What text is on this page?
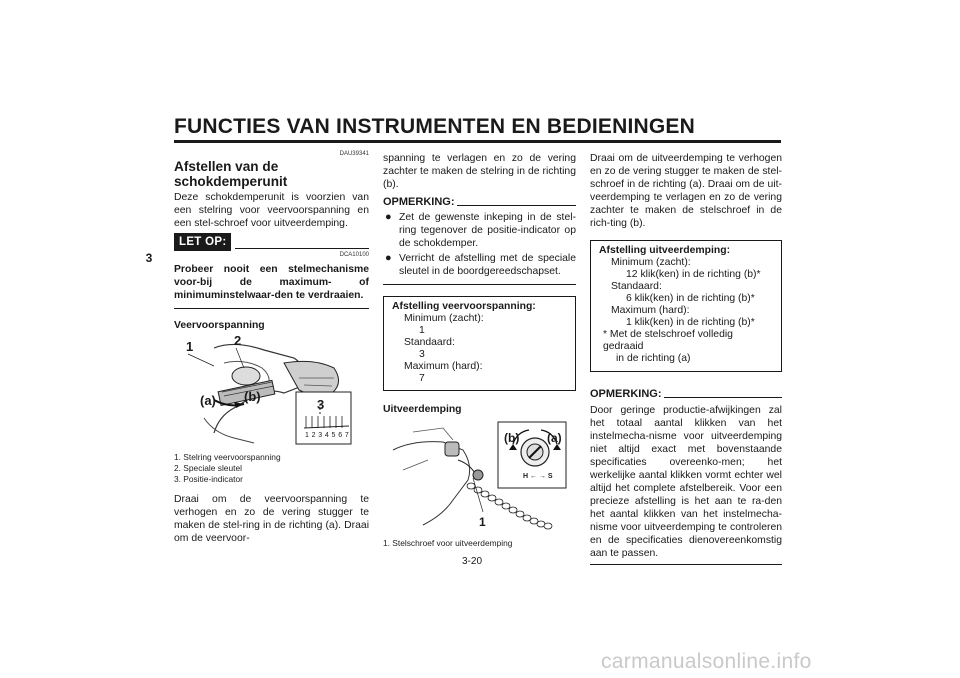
FUNCTIES VAN INSTRUMENTEN EN BEDIENINGEN
3
DAU39341
Afstellen van de schokdemperunit

Deze schokdemperunit is voorzien van een stelring voor veervoorspanning en een stel-schroef voor uitveerdemping.

LET OP:
DCA10100
Probeer nooit een stelmechanisme voor-bij de maximum- of minimuminstelwaar-den te verdraaien.
Veervoorspanning
1	2
3
(a) (b)
1 2 3 4 5 6 7
1. Stelring veervoorspanning
2. Speciale sleutel
3. Positie-indicator

Draai om de veervoorspanning te verhogen en zo de vering stugger te maken de stel-ring in de richting (a). Draai om de veervoor-

spanning te verlagen en zo de vering zachter te maken de stelring in de richting (b).

OPMERKING:
● Zet de gewenste inkeping in de stel-ring tegenover de positie-indicator op de schokdemper.
● Verricht de afstelling met de speciale sleutel in de boordgereedschapset.
Afstelling veervoorspanning:
Minimum (zacht):
1
Standaard:
3
Maximum (hard):
7
Uitveerdemping
(b) (a)
H ← → S
1
1. Stelschroef voor uitveerdemping

Draai om de uitveerdemping te verhogen en zo de vering stugger te maken de stel-schroef in de richting (a). Draai om de uit-veerdemping te verlagen en zo de vering zachter te maken de stelschroef in de rich-ting (b).

Afstelling uitveerdemping:
Minimum (zacht):
12 klik(ken) in de richting (b)*
Standaard:
6 klik(ken) in de richting (b)*
Maximum (hard):
1 klik(ken) in de richting (b)*
* Met de stelschroef volledig gedraaid
in de richting (a)
OPMERKING:

Door geringe productie-afwijkingen zal het totaal aantal klikken van het instelmecha-nisme voor uitveerdemping niet altijd exact met bovenstaande specificaties overeenko-men; het werkelijke aantal klikken vormt echter wel altijd het complete afstelbereik. Voor een precieze afstelling is het aan te ra-den het aantal klikken van het instelmecha-nisme voor uitveerdemping te controleren en de specificaties dienovereenkomstig aan te passen.

3-20
carmanualsonline.info
